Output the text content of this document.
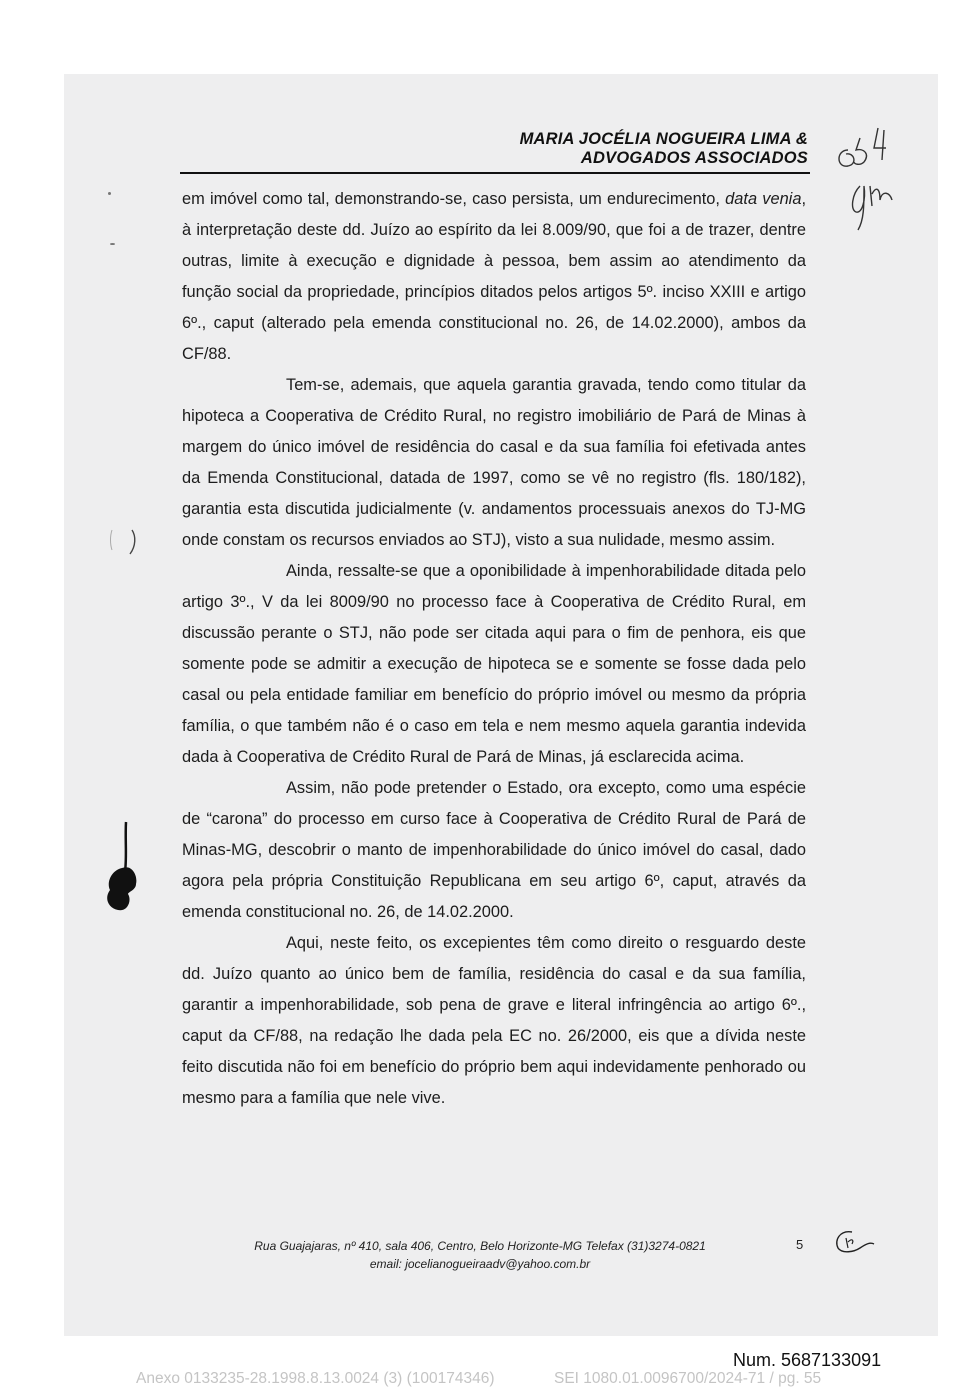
MARIA JOCÉLIA NOGUEIRA LIMA &
ADVOGADOS ASSOCIADOS

em imóvel como tal, demonstrando-se, caso persista, um endurecimento, data venia, à interpretação deste dd. Juízo ao espírito da lei 8.009/90, que foi a de trazer, dentre outras, limite à execução e dignidade à pessoa, bem assim ao atendimento da função social da propriedade, princípios ditados pelos artigos 5º. inciso XXIII e artigo 6º., caput (alterado pela emenda constitucional no. 26, de 14.02.2000), ambos da CF/88.

Tem-se, ademais, que aquela garantia gravada, tendo como titular da hipoteca a Cooperativa de Crédito Rural, no registro imobiliário de Pará de Minas à margem do único imóvel de residência do casal e da sua família foi efetivada antes da Emenda Constitucional, datada de 1997, como se vê no registro (fls. 180/182), garantia esta discutida judicialmente (v. andamentos processuais anexos do TJ-MG onde constam os recursos enviados ao STJ), visto a sua nulidade, mesmo assim.

Ainda, ressalte-se que a oponibilidade à impenhorabilidade ditada pelo artigo 3º., V da lei 8009/90 no processo face à Cooperativa de Crédito Rural, em discussão perante o STJ, não pode ser citada aqui para o fim de penhora, eis que somente pode se admitir a execução de hipoteca se e somente se fosse dada pelo casal ou pela entidade familiar em benefício do próprio imóvel ou mesmo da própria família, o que também não é o caso em tela e nem mesmo aquela garantia indevida dada à Cooperativa de Crédito Rural de Pará de Minas, já esclarecida acima.

Assim, não pode pretender o Estado, ora excepto, como uma espécie de “carona” do processo em curso face à Cooperativa de Crédito Rural de Pará de Minas-MG, descobrir o manto de impenhorabilidade do único imóvel do casal, dado agora pela própria Constituição Republicana em seu artigo 6º, caput, através da emenda constitucional no. 26, de 14.02.2000.

Aqui, neste feito, os excepientes têm como direito o resguardo deste dd. Juízo quanto ao único bem de família, residência do casal e da sua família, garantir a impenhorabilidade, sob pena de grave e literal infringência ao artigo 6º., caput da CF/88, na redação lhe dada pela EC no. 26/2000, eis que a dívida neste feito discutida não foi em benefício do próprio bem aqui indevidamente penhorado ou mesmo para a família que nele vive.

Rua Guajajaras, nº 410, sala 406, Centro, Belo Horizonte-MG Telefax (31)3274-0821
email: jocelianogueiraadv@yahoo.com.br
5
Num. 5687133091
Anexo 0133235-28.1998.8.13.0024 (3) (100174346)	SEI 1080.01.0096700/2024-71 / pg. 55
